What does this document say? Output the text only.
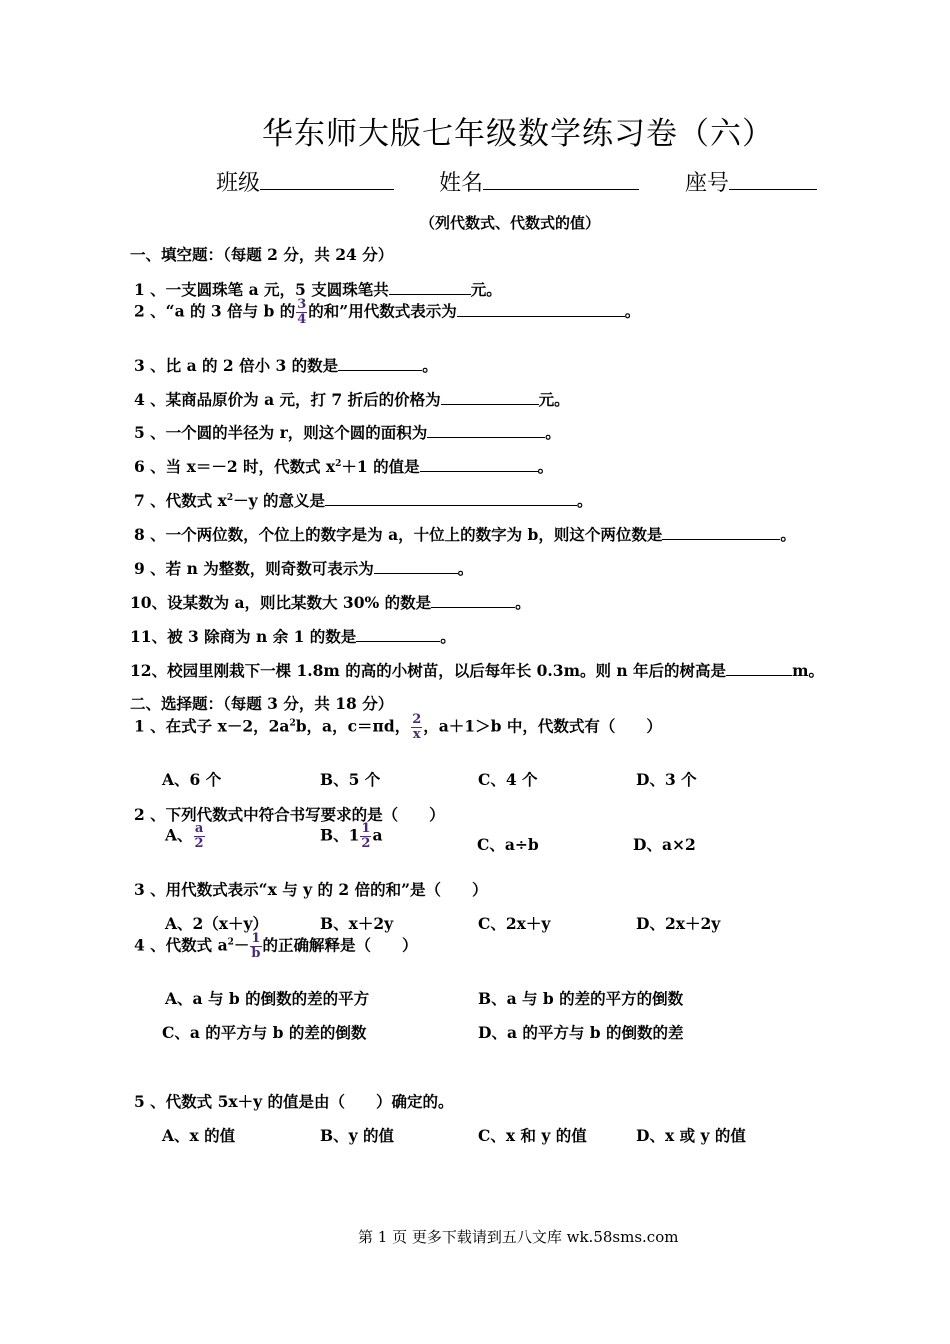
华东师大版七年级数学练习卷（六）
班级	姓名	座号
（列代数式、代数式的值）
一、填空题：（每题 2 分，共 24 分）
1 、一支圆珠笔 a 元，5 支圆珠笔共	元。
2 、“a 的 3 倍与 b 的 $\frac{3}{4}$ 的和”用代数式表示为	。
3 、比 a 的 2 倍小 3 的数是	。
4 、某商品原价为 a 元，打 7 折后的价格为	元。
5 、一个圆的半径为 r，则这个圆的面积为	。
6 、当 x＝－2 时，代数式 $x^2+1$ 的值是	。
7 、代数式 $x^2-y$ 的意义是	。
8 、一个两位数，个位上的数字是为 a，十位上的数字为 b，则这个两位数是	。
9 、若 n 为整数，则奇数可表示为	。
10、设某数为 a，则比某数大 30% 的数是	。
11、被 3 除商为 n 余 1 的数是	。
12、校园里刚栽下一棵 1.8m 的高的小树苗，以后每年长 0.3m。则 n 年后的树高是	m。
二、选择题：（每题 3 分，共 18 分）
1 、在式子 x－2，$2a^2b$，a，c＝πd， $\frac{2}{x}$ ，a＋1＞b 中，代数式有（　　）
A、6 个	B、5 个	C、4 个	D、3 个
2 、下列代数式中符合书写要求的是（　　）
A、 $\frac{a}{2}$	B、$1 \frac{1}{2}$ a	C、a÷b	D、a×2
3 、用代数式表示“x 与 y 的 2 倍的和”是（　　）
A、2（x＋y）	B、x＋2y	C、2x＋y	D、2x＋2y
4 、代数式 $a^2- \frac{1}{b}$ 的正确解释是（　　）
A、a 与 b 的倒数的差的平方	B、a 与 b 的差的平方的倒数
C、a 的平方与 b 的差的倒数	D、a 的平方与 b 的倒数的差
5 、代数式 5x＋y 的值是由（　　）确定的。
A、x 的值	B、y 的值	C、x 和 y 的值	D、x 或 y 的值
第 1 页 更多下载请到五八文库 wk.58sms.com
